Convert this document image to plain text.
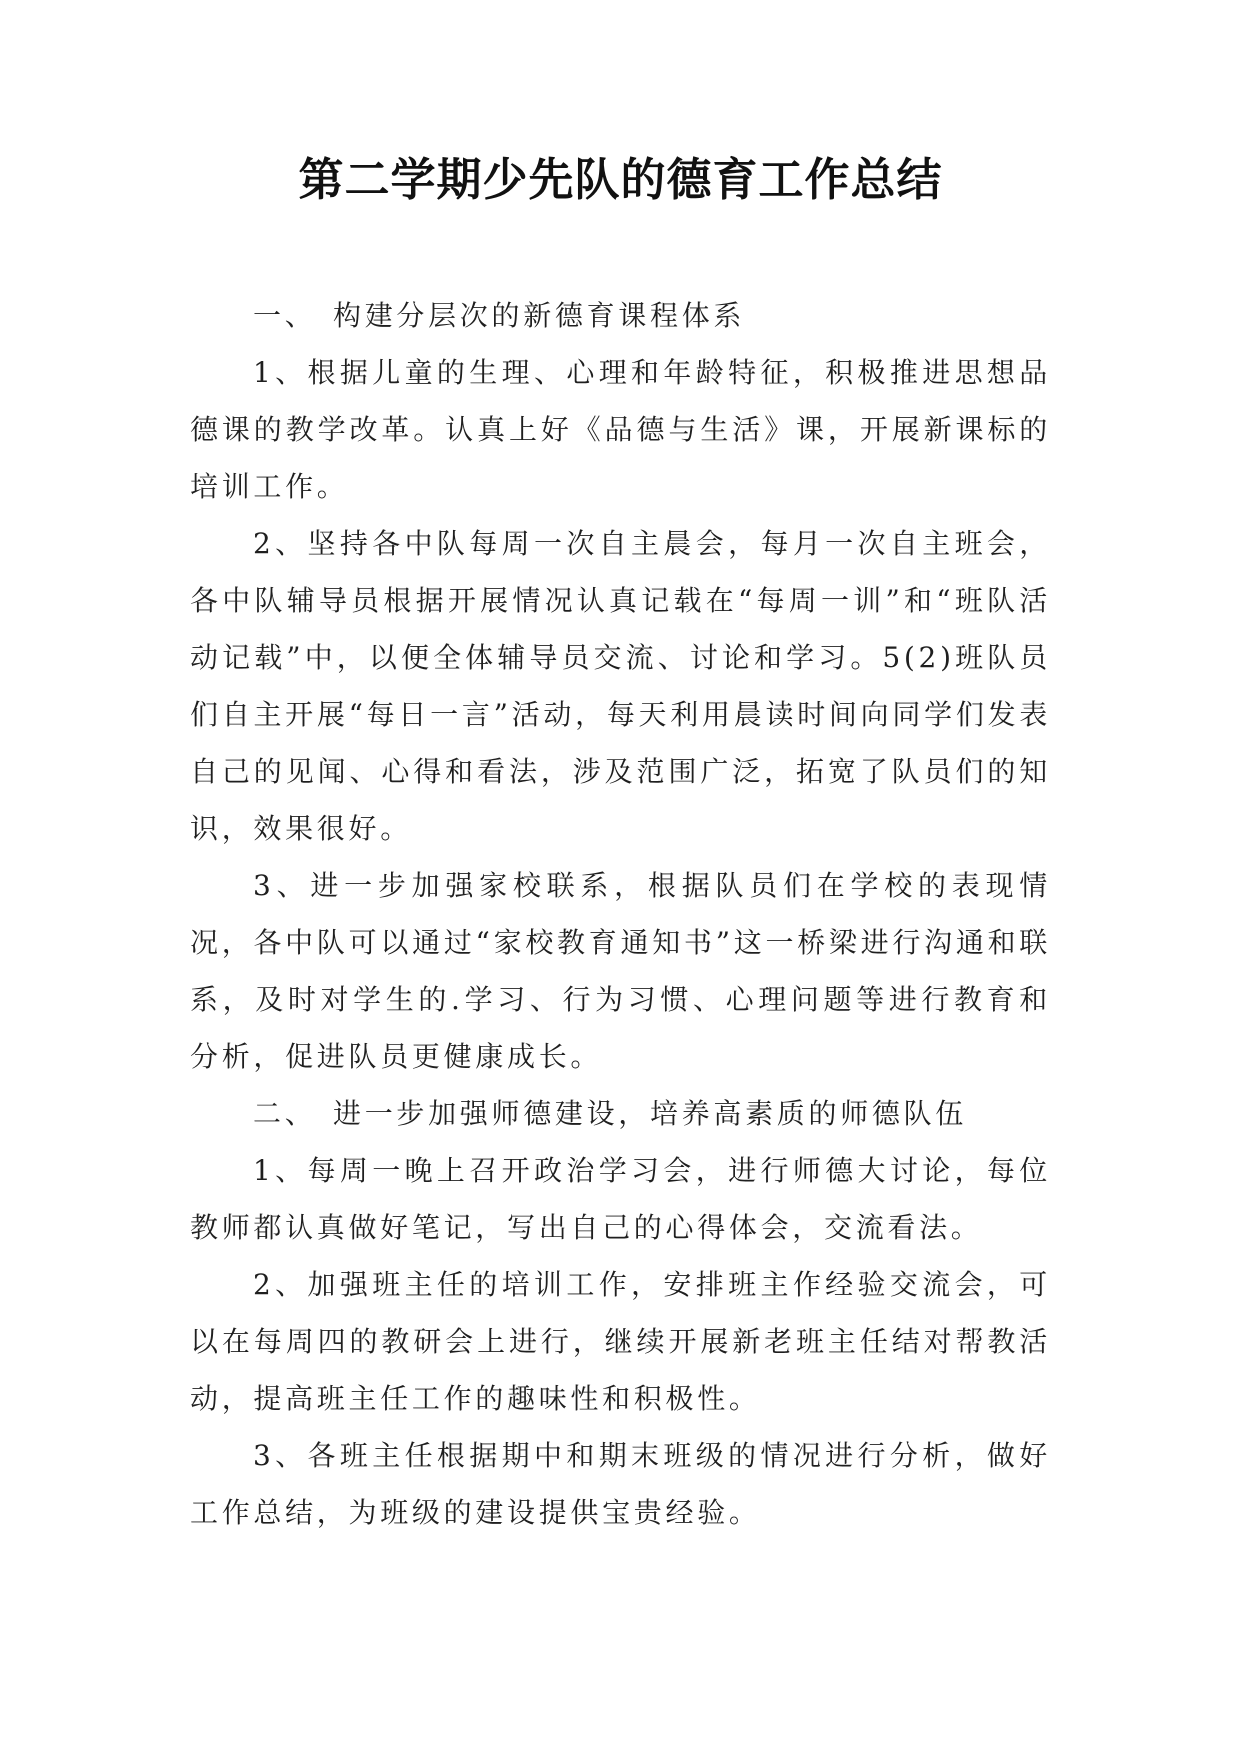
第二学期少先队的德育工作总结

一、 构建分层次的新德育课程体系

1、根据儿童的生理、心理和年龄特征，积极推进思想品德课的教学改革。认真上好《品德与生活》课，开展新课标的培训工作。

2、坚持各中队每周一次自主晨会，每月一次自主班会，各中队辅导员根据开展情况认真记载在“每周一训”和“班队活动记载”中，以便全体辅导员交流、讨论和学习。5(2)班队员们自主开展“每日一言”活动，每天利用晨读时间向同学们发表自己的见闻、心得和看法，涉及范围广泛，拓宽了队员们的知识，效果很好。

3、进一步加强家校联系，根据队员们在学校的表现情况，各中队可以通过“家校教育通知书”这一桥梁进行沟通和联系，及时对学生的.学习、行为习惯、心理问题等进行教育和分析，促进队员更健康成长。

二、 进一步加强师德建设，培养高素质的师德队伍

1、每周一晚上召开政治学习会，进行师德大讨论，每位教师都认真做好笔记，写出自己的心得体会，交流看法。

2、加强班主任的培训工作，安排班主作经验交流会，可以在每周四的教研会上进行，继续开展新老班主任结对帮教活动，提高班主任工作的趣味性和积极性。

3、各班主任根据期中和期末班级的情况进行分析，做好工作总结，为班级的建设提供宝贵经验。
